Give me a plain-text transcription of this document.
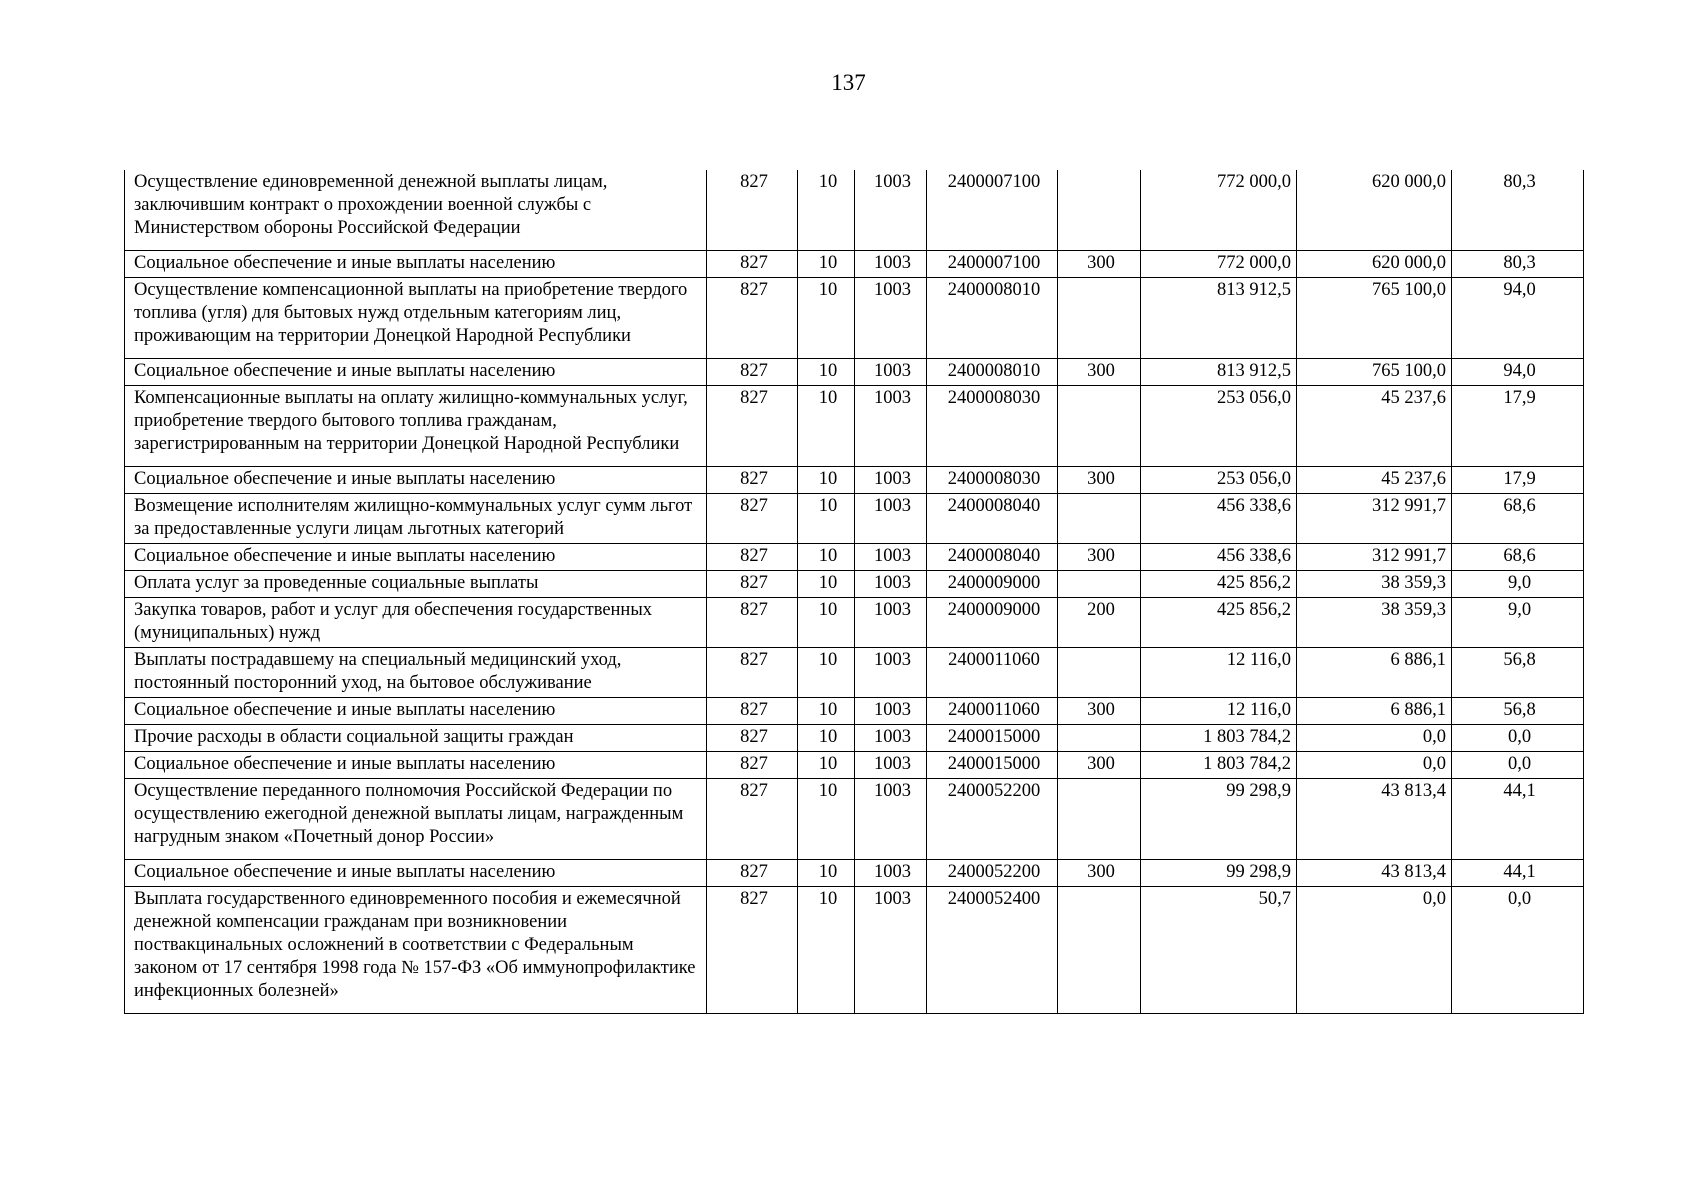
137
Осуществление единовременной денежной выплаты лицам, заключившим контракт о прохождении военной службы с Министерством обороны Российской Федерации	827	10	1003	2400007100		772 000,0	620 000,0	80,3
Социальное обеспечение и иные выплаты населению	827	10	1003	2400007100	300	772 000,0	620 000,0	80,3
Осуществление компенсационной выплаты на приобретение твердого топлива (угля) для бытовых нужд отдельным категориям лиц, проживающим на территории Донецкой Народной Республики	827	10	1003	2400008010		813 912,5	765 100,0	94,0
Социальное обеспечение и иные выплаты населению	827	10	1003	2400008010	300	813 912,5	765 100,0	94,0
Компенсационные выплаты на оплату жилищно-коммунальных услуг, приобретение твердого бытового топлива гражданам, зарегистрированным на территории Донецкой Народной Республики	827	10	1003	2400008030		253 056,0	45 237,6	17,9
Социальное обеспечение и иные выплаты населению	827	10	1003	2400008030	300	253 056,0	45 237,6	17,9
Возмещение исполнителям жилищно-коммунальных услуг сумм льгот за предоставленные услуги лицам льготных категорий	827	10	1003	2400008040		456 338,6	312 991,7	68,6
Социальное обеспечение и иные выплаты населению	827	10	1003	2400008040	300	456 338,6	312 991,7	68,6
Оплата услуг за проведенные социальные выплаты	827	10	1003	2400009000		425 856,2	38 359,3	9,0
Закупка товаров, работ и услуг для обеспечения государственных (муниципальных) нужд	827	10	1003	2400009000	200	425 856,2	38 359,3	9,0
Выплаты пострадавшему на специальный медицинский уход, постоянный посторонний уход, на бытовое обслуживание	827	10	1003	2400011060		12 116,0	6 886,1	56,8
Социальное обеспечение и иные выплаты населению	827	10	1003	2400011060	300	12 116,0	6 886,1	56,8
Прочие расходы в области социальной защиты граждан	827	10	1003	2400015000		1 803 784,2	0,0	0,0
Социальное обеспечение и иные выплаты населению	827	10	1003	2400015000	300	1 803 784,2	0,0	0,0
Осуществление переданного полномочия Российской Федерации по осуществлению ежегодной денежной выплаты лицам, награжденным нагрудным знаком «Почетный донор России»	827	10	1003	2400052200		99 298,9	43 813,4	44,1
Социальное обеспечение и иные выплаты населению	827	10	1003	2400052200	300	99 298,9	43 813,4	44,1
Выплата государственного единовременного пособия и ежемесячной денежной компенсации гражданам при возникновении поствакцинальных осложнений в соответствии с Федеральным законом от 17 сентября 1998 года № 157-ФЗ «Об иммунопрофилактике инфекционных болезней»	827	10	1003	2400052400		50,7	0,0	0,0
